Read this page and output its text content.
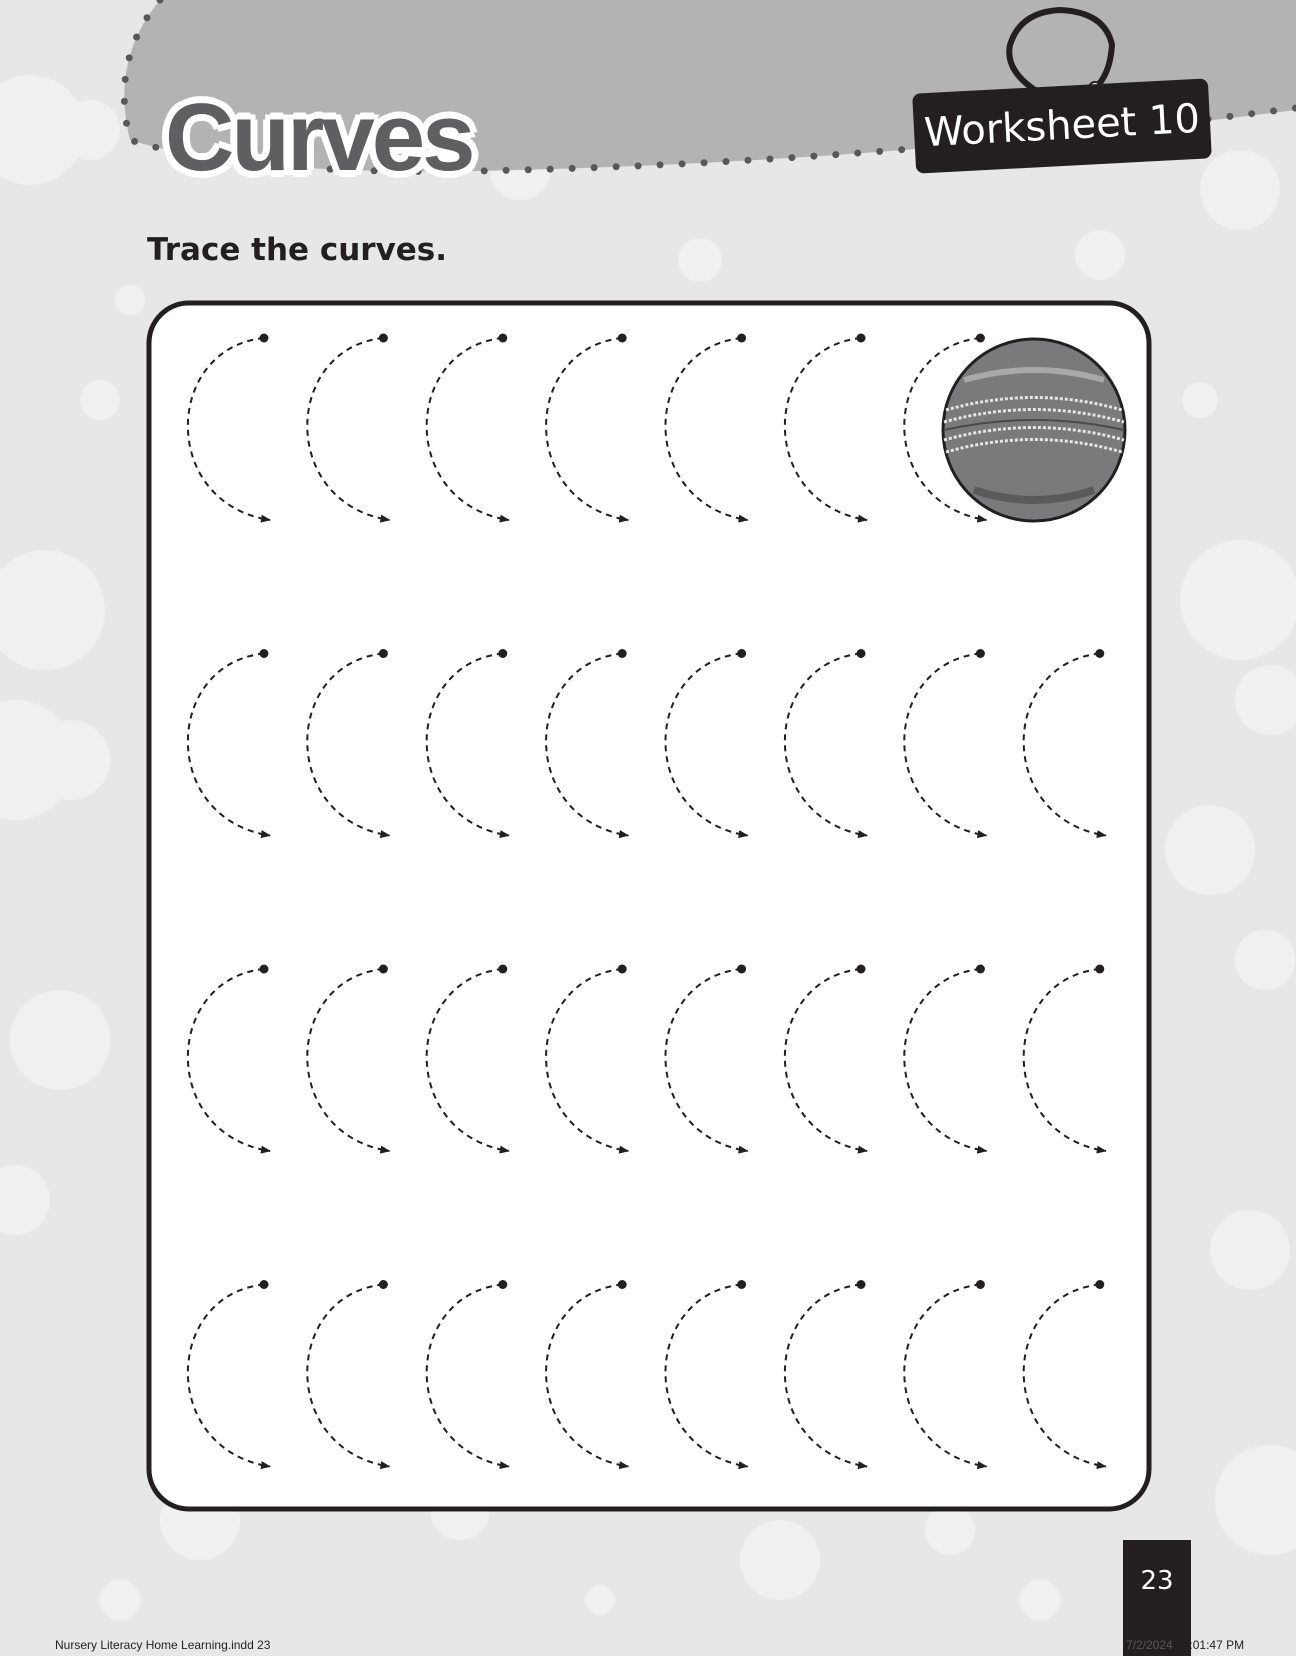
Curves	Worksheet 10
Trace the curves.
23
Nursery Literacy Home Learning.indd 23	7/2/2024 12:01:47 PM
